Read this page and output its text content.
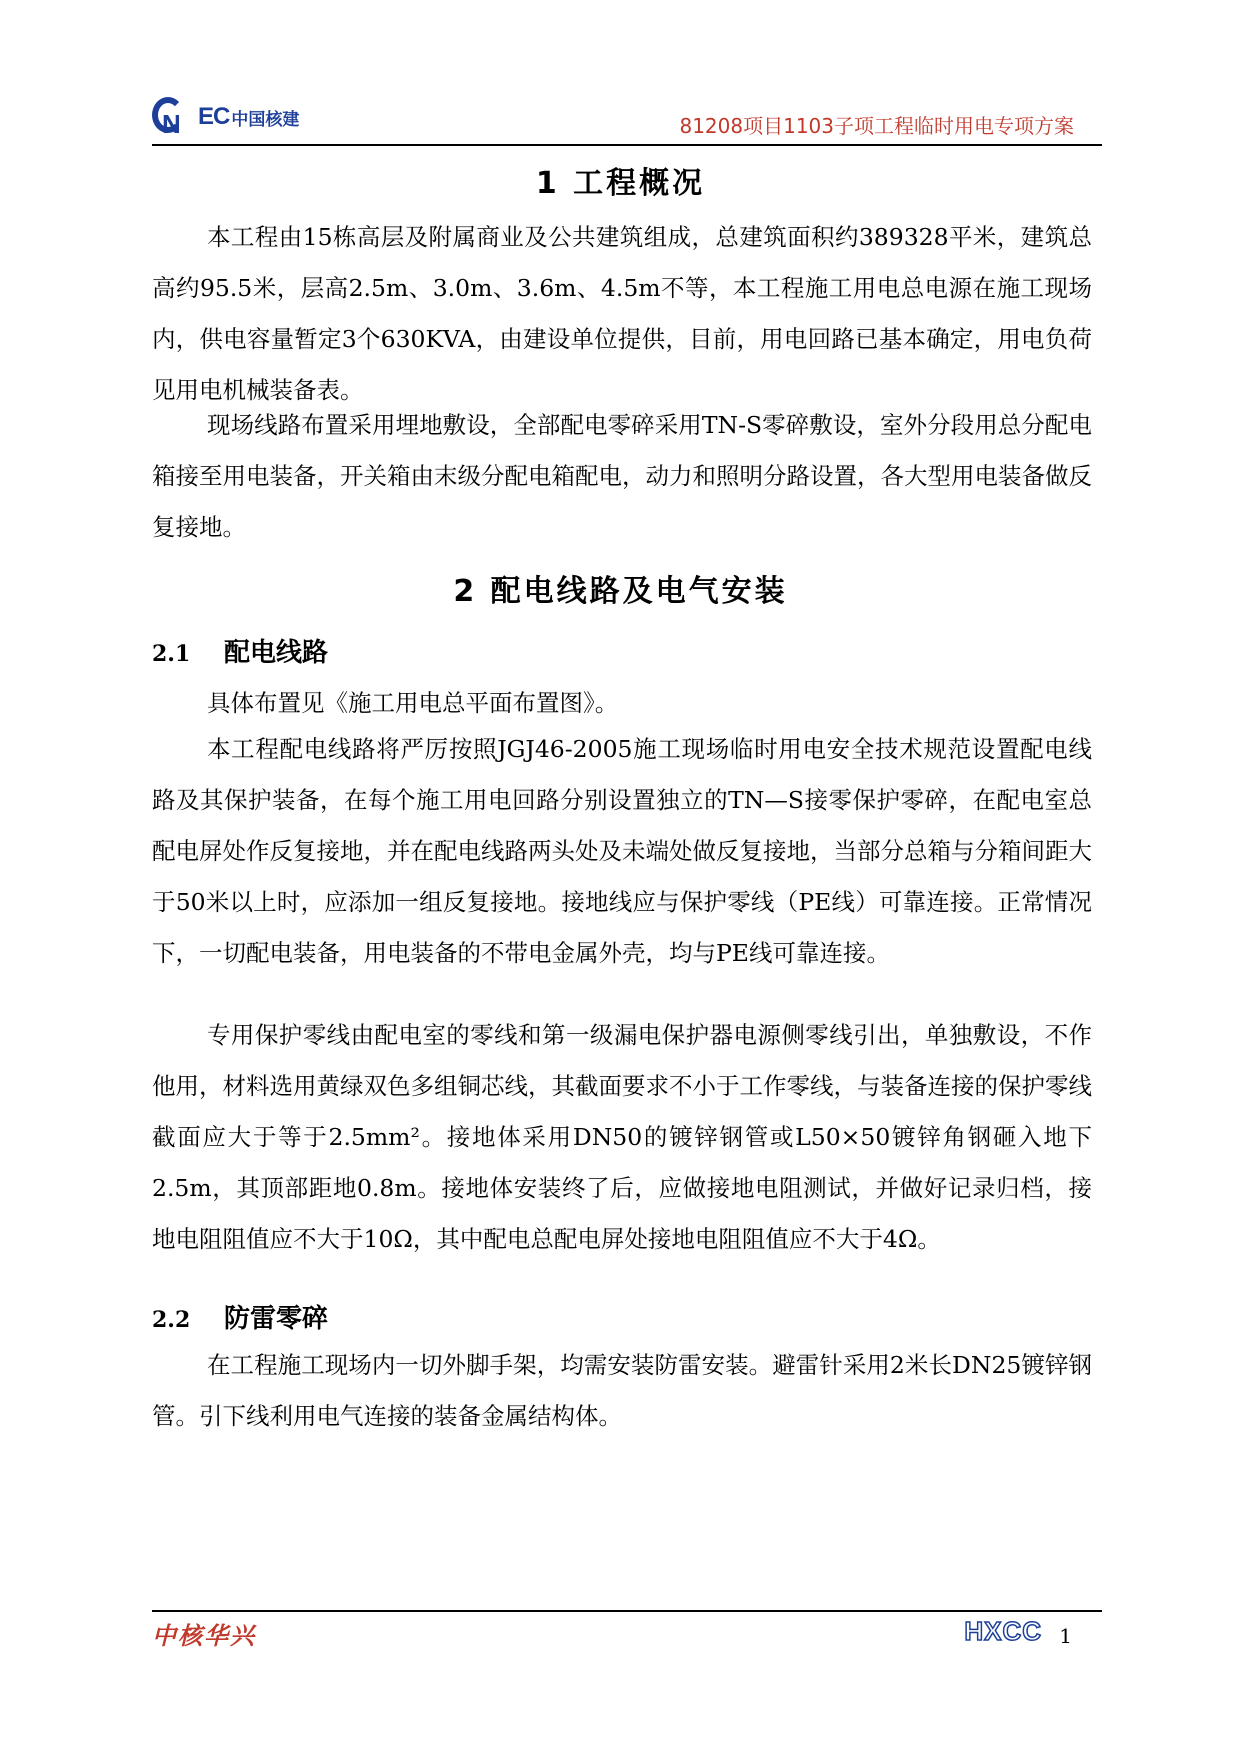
N EC 中国核建	81208项目1103子项工程临时用电专项方案
1 工程概况

本工程由15栋高层及附属商业及公共建筑组成，总建筑面积约389328平米，建筑总高约95.5米，层高2.5m、3.0m、3.6m、4.5m不等，本工程施工用电总电源在施工现场内，供电容量暂定3个630KVA，由建设单位提供，目前，用电回路已基本确定，用电负荷见用电机械装备表。

现场线路布置采用埋地敷设，全部配电零碎采用TN-S零碎敷设，室外分段用总分配电箱接至用电装备，开关箱由末级分配电箱配电，动力和照明分路设置，各大型用电装备做反复接地。

2 配电线路及电气安装
2.1 配电线路

具体布置见《施工用电总平面布置图》。

本工程配电线路将严厉按照JGJ46-2005施工现场临时用电安全技术规范设置配电线路及其保护装备，在每个施工用电回路分别设置独立的TN—S接零保护零碎，在配电室总配电屏处作反复接地，并在配电线路两头处及未端处做反复接地，当部分总箱与分箱间距大于50米以上时，应添加一组反复接地。接地线应与保护零线（PE线）可靠连接。正常情况下，一切配电装备，用电装备的不带电金属外壳，均与PE线可靠连接。

专用保护零线由配电室的零线和第一级漏电保护器电源侧零线引出，单独敷设，不作他用，材料选用黄绿双色多组铜芯线，其截面要求不小于工作零线，与装备连接的保护零线截面应大于等于2.5mm²。接地体采用DN50的镀锌钢管或L50×50镀锌角钢砸入地下2.5m，其顶部距地0.8m。接地体安装终了后，应做接地电阻测试，并做好记录归档，接地电阻阻值应不大于10Ω，其中配电总配电屏处接地电阻阻值应不大于4Ω。

2.2 防雷零碎

在工程施工现场内一切外脚手架，均需安装防雷安装。避雷针采用2米长DN25镀锌钢管。引下线利用电气连接的装备金属结构体。

中核华兴	HXCC 1
